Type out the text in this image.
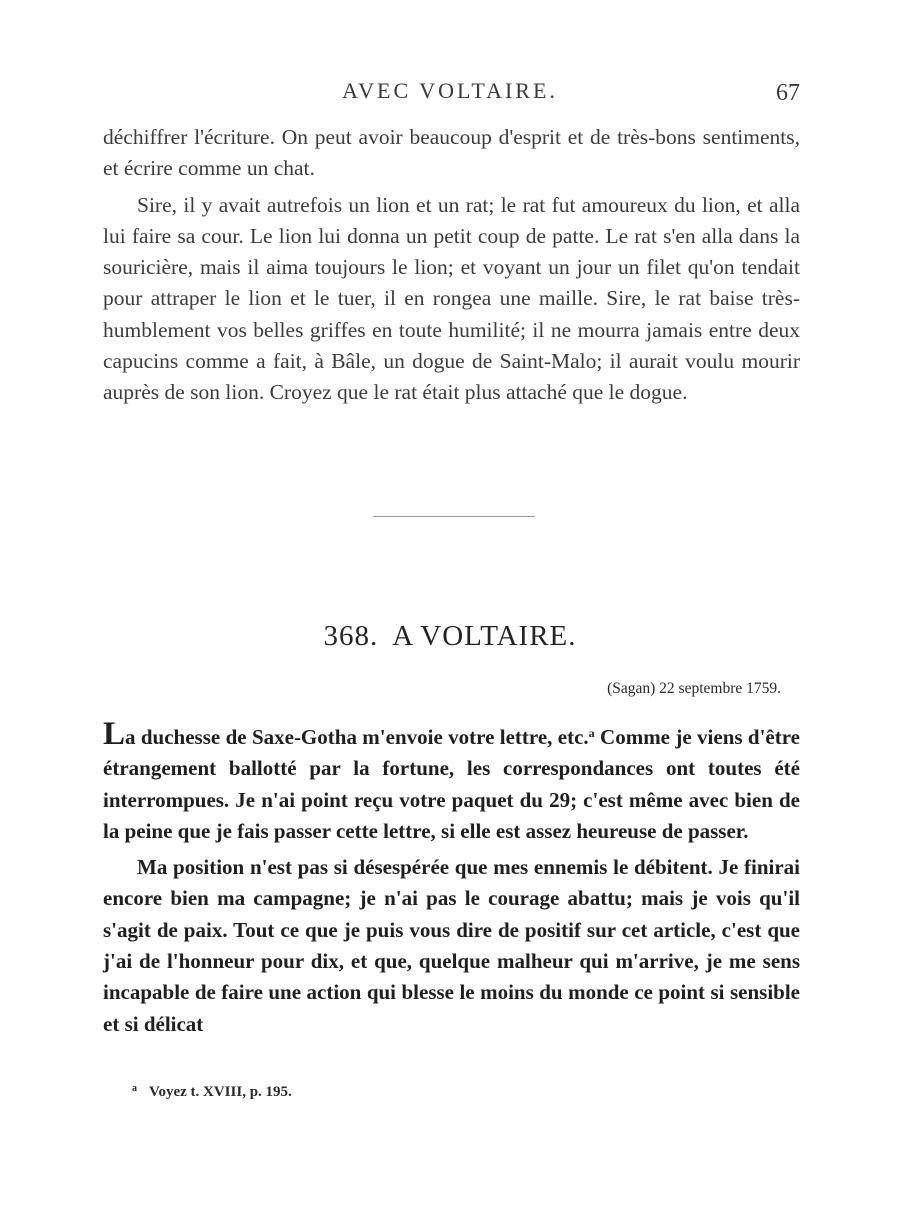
AVEC VOLTAIRE.	67

déchiffrer l'écriture. On peut avoir beaucoup d'esprit et de très-bons sentiments, et écrire comme un chat.

Sire, il y avait autrefois un lion et un rat; le rat fut amoureux du lion, et alla lui faire sa cour. Le lion lui donna un petit coup de patte. Le rat s'en alla dans la souricière, mais il aima toujours le lion; et voyant un jour un filet qu'on tendait pour attraper le lion et le tuer, il en rongea une maille. Sire, le rat baise très-humblement vos belles griffes en toute humilité; il ne mourra jamais entre deux capucins comme a fait, à Bâle, un dogue de Saint-Malo; il aurait voulu mourir auprès de son lion. Croyez que le rat était plus attaché que le dogue.

368. A VOLTAIRE.
(Sagan) 22 septembre 1759.

La duchesse de Saxe-Gotha m'envoie votre lettre, etc.$^a$ Comme je viens d'être étrangement ballotté par la fortune, les correspondances ont toutes été interrompues. Je n'ai point reçu votre paquet du 29; c'est même avec bien de la peine que je fais passer cette lettre, si elle est assez heureuse de passer.

Ma position n'est pas si désespérée que mes ennemis le débitent. Je finirai encore bien ma campagne; je n'ai pas le courage abattu; mais je vois qu'il s'agit de paix. Tout ce que je puis vous dire de positif sur cet article, c'est que j'ai de l'honneur pour dix, et que, quelque malheur qui m'arrive, je me sens incapable de faire une action qui blesse le moins du monde ce point si sensible et si délicat

$^a$ Voyez t. XVIII, p. 195.
